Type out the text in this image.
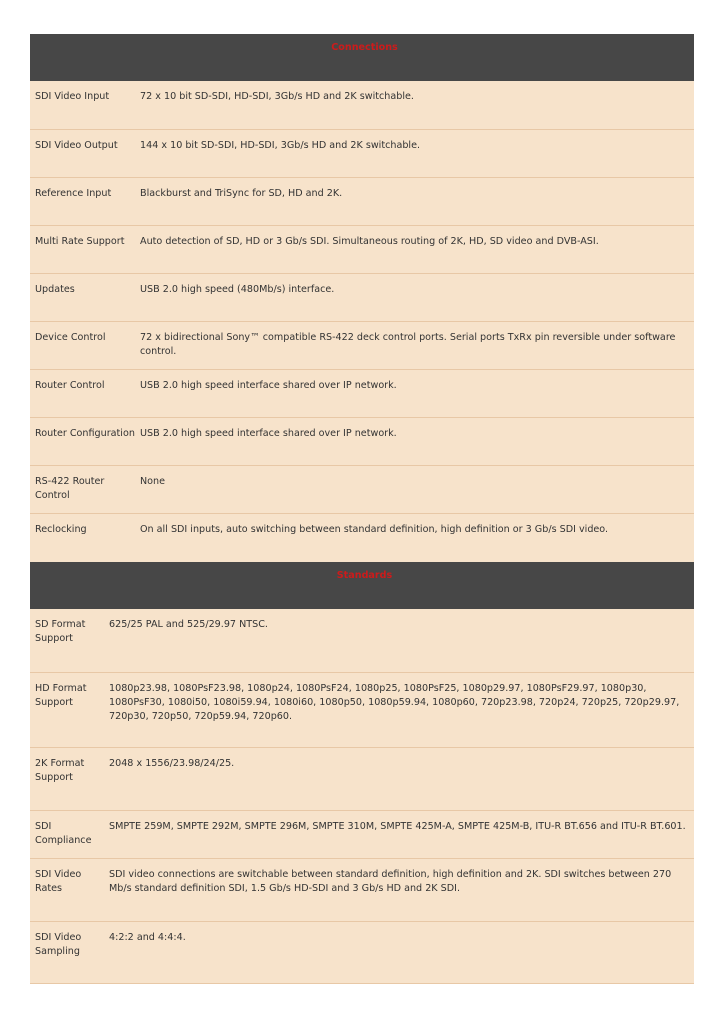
Connections	

SDI Video Input	72 x 10 bit SD-SDI, HD-SDI, 3Gb/s HD and 2K switchable.

SDI Video Output	144 x 10 bit SD-SDI, HD-SDI, 3Gb/s HD and 2K switchable.

Reference Input	Blackburst and TriSync for SD, HD and 2K.

Multi Rate Support	Auto detection of SD, HD or 3 Gb/s SDI. Simultaneous routing of 2K, HD, SD video and DVB-ASI.

Updates	USB 2.0 high speed (480Mb/s) interface.

Device Control	72 x bidirectional Sony™ compatible RS-422 deck control ports. Serial ports TxRx pin reversible under software control.

Router Control	USB 2.0 high speed interface shared over IP network.

Router Configuration	USB 2.0 high speed interface shared over IP network.

RS-422 Router Control	None

Reclocking	On all SDI inputs, auto switching between standard definition, high definition or 3 Gb/s SDI video.
Standards	

SD Format Support	625/25 PAL and 525/29.97 NTSC.

HD Format Support	1080p23.98, 1080PsF23.98, 1080p24, 1080PsF24, 1080p25, 1080PsF25, 1080p29.97, 1080PsF29.97, 1080p30, 1080PsF30, 1080i50, 1080i59.94, 1080i60, 1080p50, 1080p59.94, 1080p60, 720p23.98, 720p24, 720p25, 720p29.97, 720p30, 720p50, 720p59.94, 720p60.

2K Format Support	2048 x 1556/23.98/24/25.

SDI Compliance	SMPTE 259M, SMPTE 292M, SMPTE 296M, SMPTE 310M, SMPTE 425M-A, SMPTE 425M-B, ITU-R BT.656 and ITU-R BT.601.

SDI Video Rates	SDI video connections are switchable between standard definition, high definition and 2K. SDI switches between 270 Mb/s standard definition SDI, 1.5 Gb/s HD-SDI and 3 Gb/s HD and 2K SDI.

SDI Video Sampling	4:2:2 and 4:4:4.
